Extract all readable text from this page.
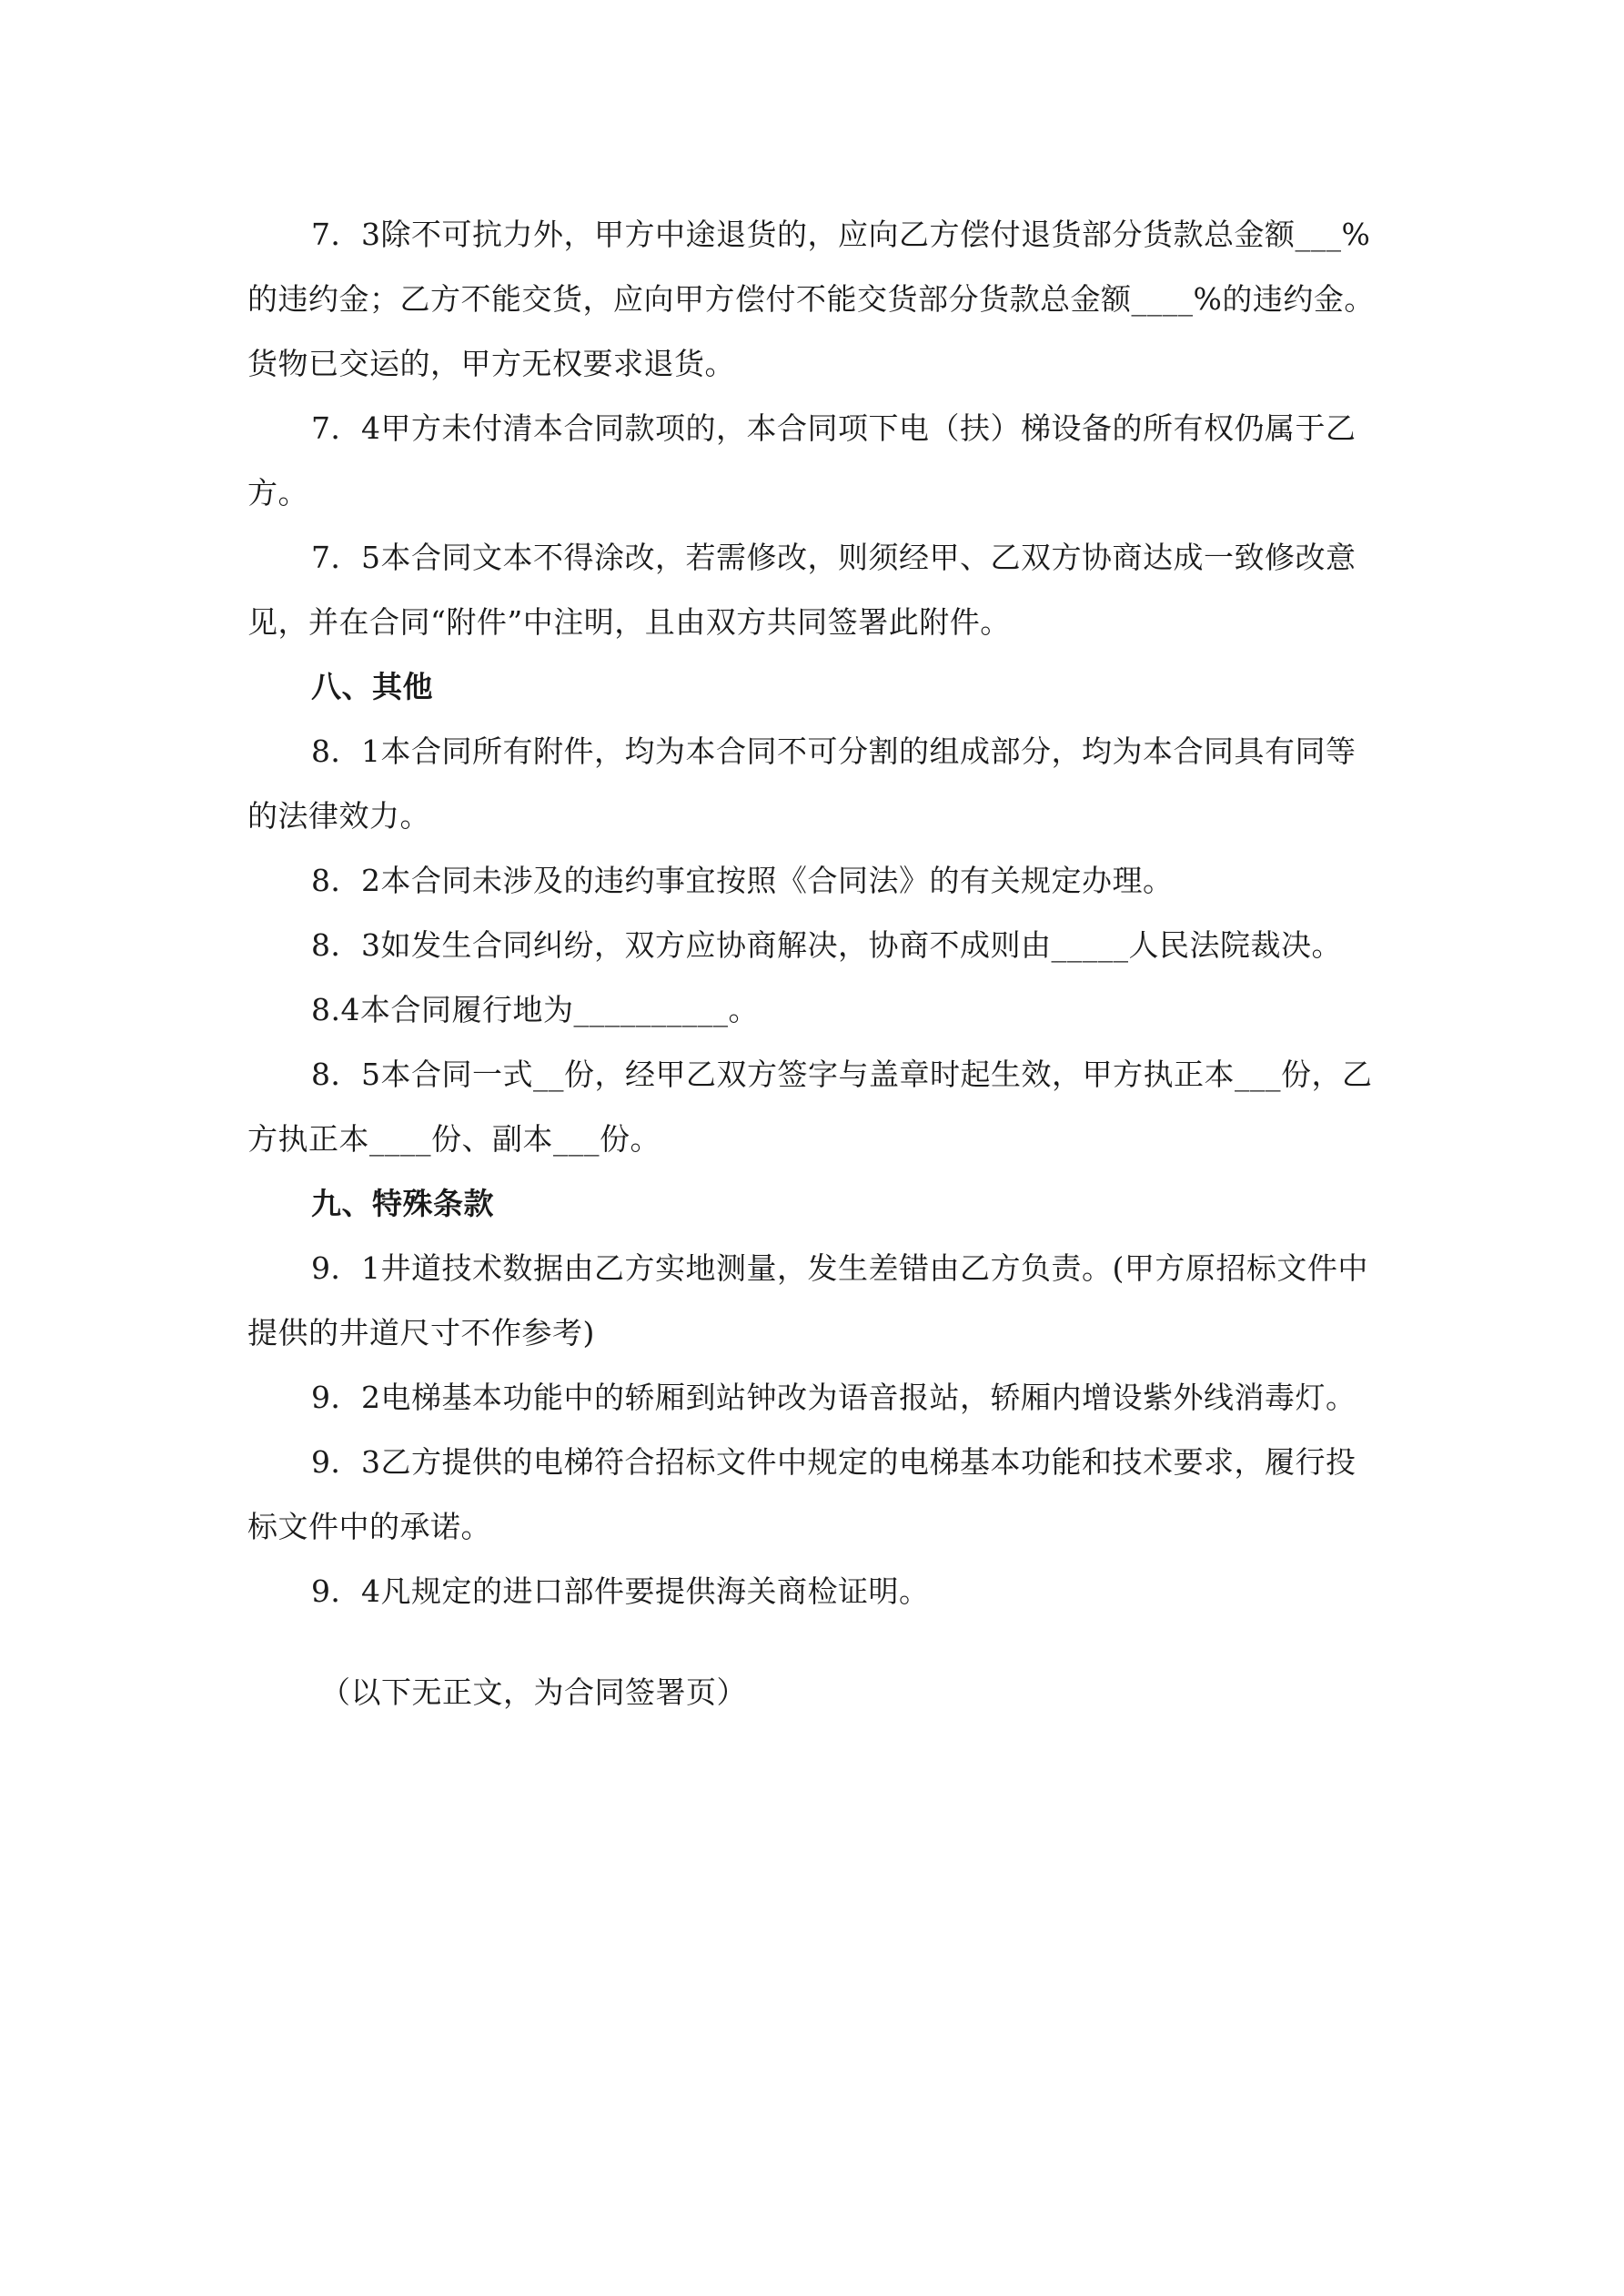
7．3除不可抗力外，甲方中途退货的，应向乙方偿付退货部分货款总金额___%的违约金；乙方不能交货，应向甲方偿付不能交货部分货款总金额____%的违约金。货物已交运的，甲方无权要求退货。

7．4甲方未付清本合同款项的，本合同项下电（扶）梯设备的所有权仍属于乙方。

7．5本合同文本不得涂改，若需修改，则须经甲、乙双方协商达成一致修改意见，并在合同“附件”中注明，且由双方共同签署此附件。

八、其他

8．1本合同所有附件，均为本合同不可分割的组成部分，均为本合同具有同等的法律效力。

8．2本合同未涉及的违约事宜按照《合同法》的有关规定办理。

8．3如发生合同纠纷，双方应协商解决，协商不成则由_____人民法院裁决。

8.4本合同履行地为__________。

8．5本合同一式__份，经甲乙双方签字与盖章时起生效，甲方执正本___份，乙方执正本____份、副本___份。

九、特殊条款

9．1井道技术数据由乙方实地测量，发生差错由乙方负责。(甲方原招标文件中提供的井道尺寸不作参考)

9．2电梯基本功能中的轿厢到站钟改为语音报站，轿厢内增设紫外线消毒灯。

9．3乙方提供的电梯符合招标文件中规定的电梯基本功能和技术要求，履行投标文件中的承诺。

9．4凡规定的进口部件要提供海关商检证明。

（以下无正文，为合同签署页）
